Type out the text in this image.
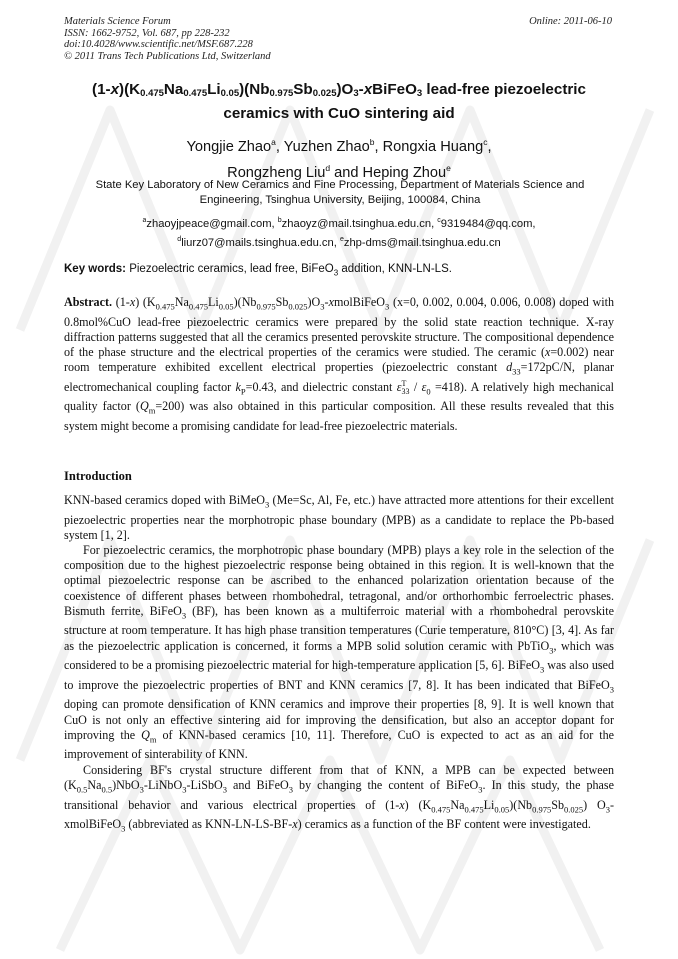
Materials Science Forum
ISSN: 1662-9752, Vol. 687, pp 228-232
doi:10.4028/www.scientific.net/MSF.687.228
© 2011 Trans Tech Publications Ltd, Switzerland
Online: 2011-06-10
$(1-x)(K_{0.475}Na_{0.475}Li_{0.05})(Nb_{0.975}Sb_{0.025})O_3-xBiFeO_3$ lead-free piezoelectric
ceramics with CuO sintering aid
Yongjie Zhao$^a$, Yuzhen Zhao$^b$, Rongxia Huang$^c$,
Rongzheng Liu$^d$ and Heping Zhou$^e$
State Key Laboratory of New Ceramics and Fine Processing, Department of Materials Science and Engineering, Tsinghua University, Beijing, 100084, China
$^a$zhaoyjpeace@gmail.com, $^b$zhaoyz@mail.tsinghua.edu.cn, $^c$9319484@qq.com,
$^d$liurz07@mails.tsinghua.edu.cn, $^e$zhp-dms@mail.tsinghua.edu.cn
Key words: Piezoelectric ceramics, lead free, BiFeO$_3$ addition, KNN-LN-LS.
Abstract. (1-x) $(K_{0.475}Na_{0.475}Li_{0.05})(Nb_{0.975}Sb_{0.025})O_3-xmolBiFeO_3$ (x=0, 0.002, 0.004, 0.006, 0.008) doped with 0.8mol%CuO lead-free piezoelectric ceramics were prepared by the solid state reaction technique. X-ray diffraction patterns suggested that all the ceramics presented perovskite structure. The compositional dependence of the phase structure and the electrical properties of the ceramics were studied. The ceramic (x=0.002) near room temperature exhibited excellent electrical properties (piezoelectric constant $d_{33}=172pC/N$, planar electromechanical coupling factor $k_P=0.43$, and dielectric constant ε T
$33 / \varepsilon_0 =418$). A relatively high mechanical quality factor $(Q_m=200)$ was also obtained in this particular composition. All these results revealed that this system might become a promising candidate for lead-free piezoelectric materials.
Introduction

KNN-based ceramics doped with BiMeO$_3$ (Me=Sc, Al, Fe, etc.) have attracted more attentions for their excellent piezoelectric properties near the morphotropic phase boundary (MPB) as a candidate to replace the Pb-based system [1, 2].

For piezoelectric ceramics, the morphotropic phase boundary (MPB) plays a key role in the selection of the composition due to the highest piezoelectric response being obtained in this region. It is well-known that the optimal piezoelectric response can be ascribed to the enhanced polarization orientation because of the coexistence of different phases between rhombohedral, tetragonal, and/or orthorhombic ferroelectric phases. Bismuth ferrite, BiFeO$_3$ (BF), has been known as a multiferroic material with a rhombohedral perovskite structure at room temperature. It has high phase transition temperatures (Curie temperature, 810°C) [3, 4]. As far as the piezoelectric application is concerned, it forms a MPB solid solution ceramic with PbTiO$_3$, which was considered to be a promising piezoelectric material for high-temperature application [5, 6]. BiFeO$_3$ was also used to improve the piezoelectric properties of BNT and KNN ceramics [7, 8]. It has been indicated that BiFeO$_3$ doping can promote densification of KNN ceramics and improve their properties [8, 9]. It is well known that CuO is not only an effective sintering aid for improving the densification, but also an acceptor dopant for improving the $Q_m$ of KNN-based ceramics [10, 11]. Therefore, CuO is expected to act as an aid for the improvement of sinterability of KNN.

Considering BF's crystal structure different from that of KNN, a MPB can be expected between $(K_{0.5}Na_{0.5})NbO_3-LiNbO_3-LiSbO_3$ and BiFeO$_3$ by changing the content of BiFeO$_3$. In this study, the phase transitional behavior and various electrical properties of (1-x) $(K_{0.475}Na_{0.475}Li_{0.05})(Nb_{0.975}Sb_{0.025})$ $O_3-xmolBiFeO_3$ (abbreviated as KNN-LN-LS-BF-x) ceramics as a function of the BF content were investigated.
